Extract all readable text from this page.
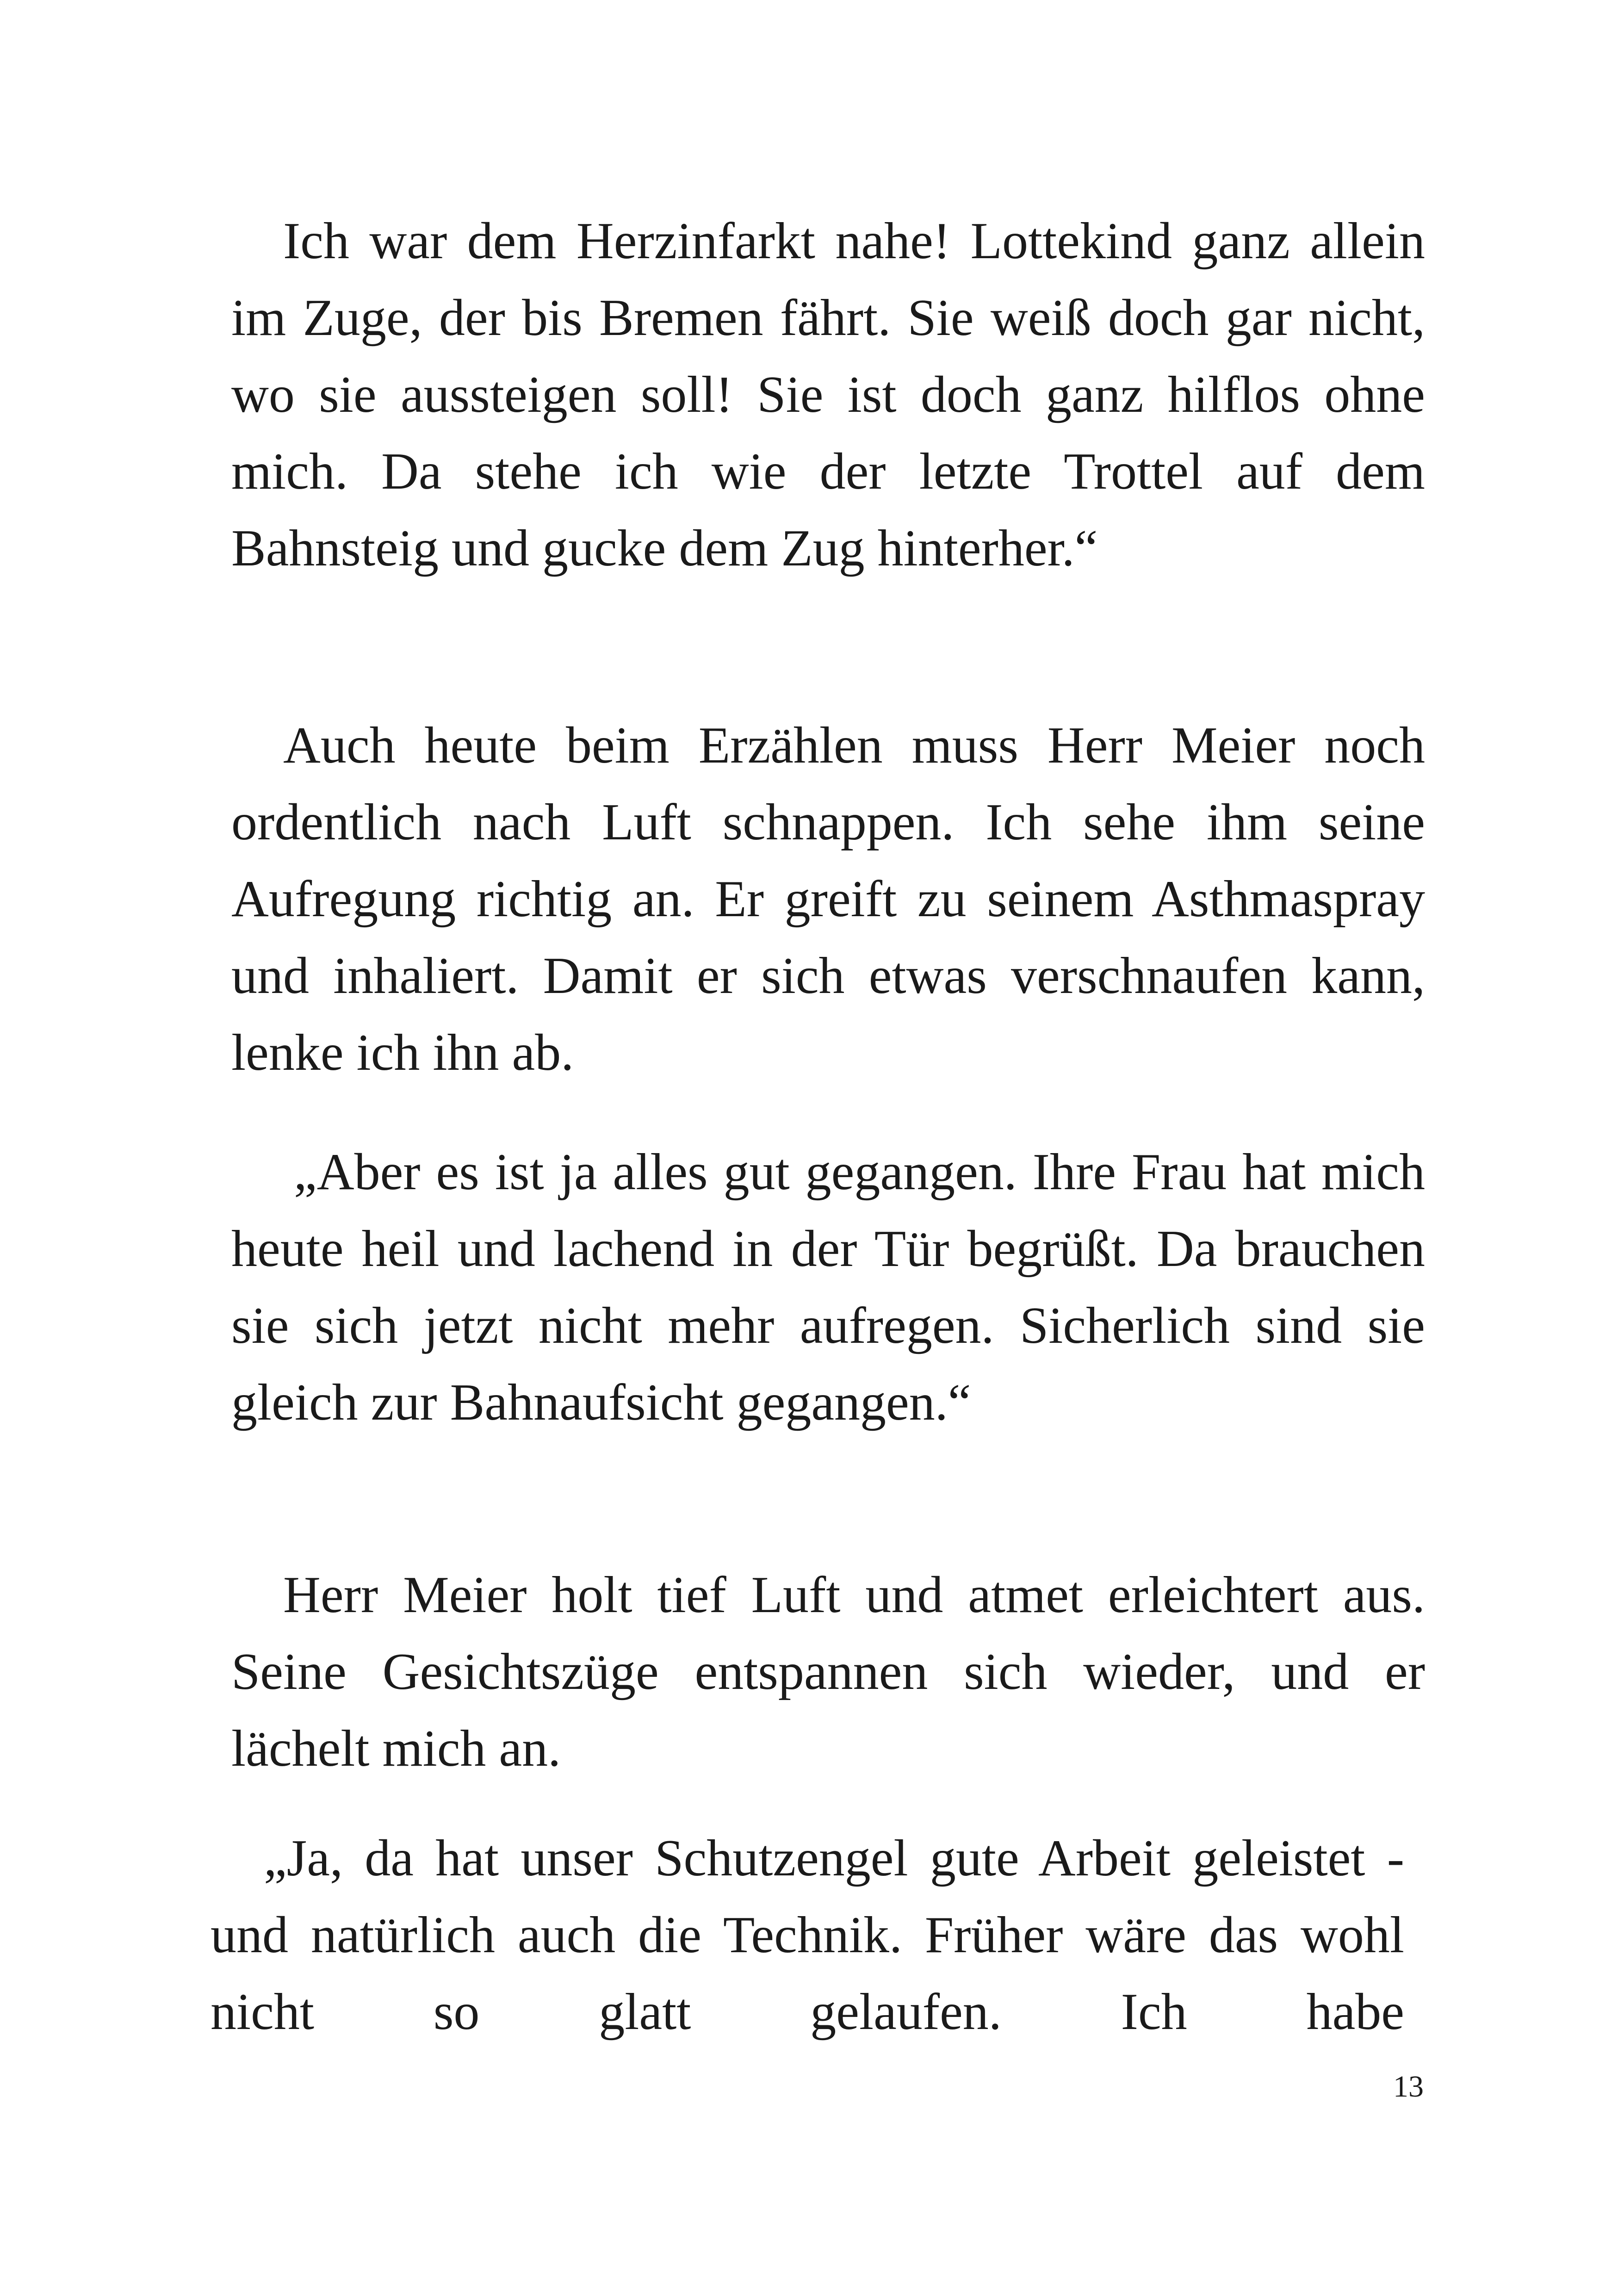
Ich war dem Herzinfarkt nahe! Lottekind ganz allein im Zuge, der bis Bremen fährt. Sie weiß doch gar nicht, wo sie aussteigen soll! Sie ist doch ganz hilflos ohne mich. Da stehe ich wie der letzte Trottel auf dem Bahnsteig und gucke dem Zug hinterher.“

Auch heute beim Erzählen muss Herr Meier noch ordentlich nach Luft schnappen. Ich sehe ihm seine Aufregung richtig an. Er greift zu seinem Asthmaspray und inhaliert. Damit er sich etwas verschnaufen kann, lenke ich ihn ab.

„Aber es ist ja alles gut gegangen. Ihre Frau hat mich heute heil und lachend in der Tür begrüßt. Da brauchen sie sich jetzt nicht mehr aufregen. Sicherlich sind sie gleich zur Bahnaufsicht gegangen.“

Herr Meier holt tief Luft und atmet erleichtert aus. Seine Gesichtszüge entspannen sich wieder, und er lächelt mich an.

„Ja, da hat unser Schutzengel gute Arbeit geleistet - und natürlich auch die Technik. Früher wäre das wohl nicht so glatt gelaufen. Ich habe

13
